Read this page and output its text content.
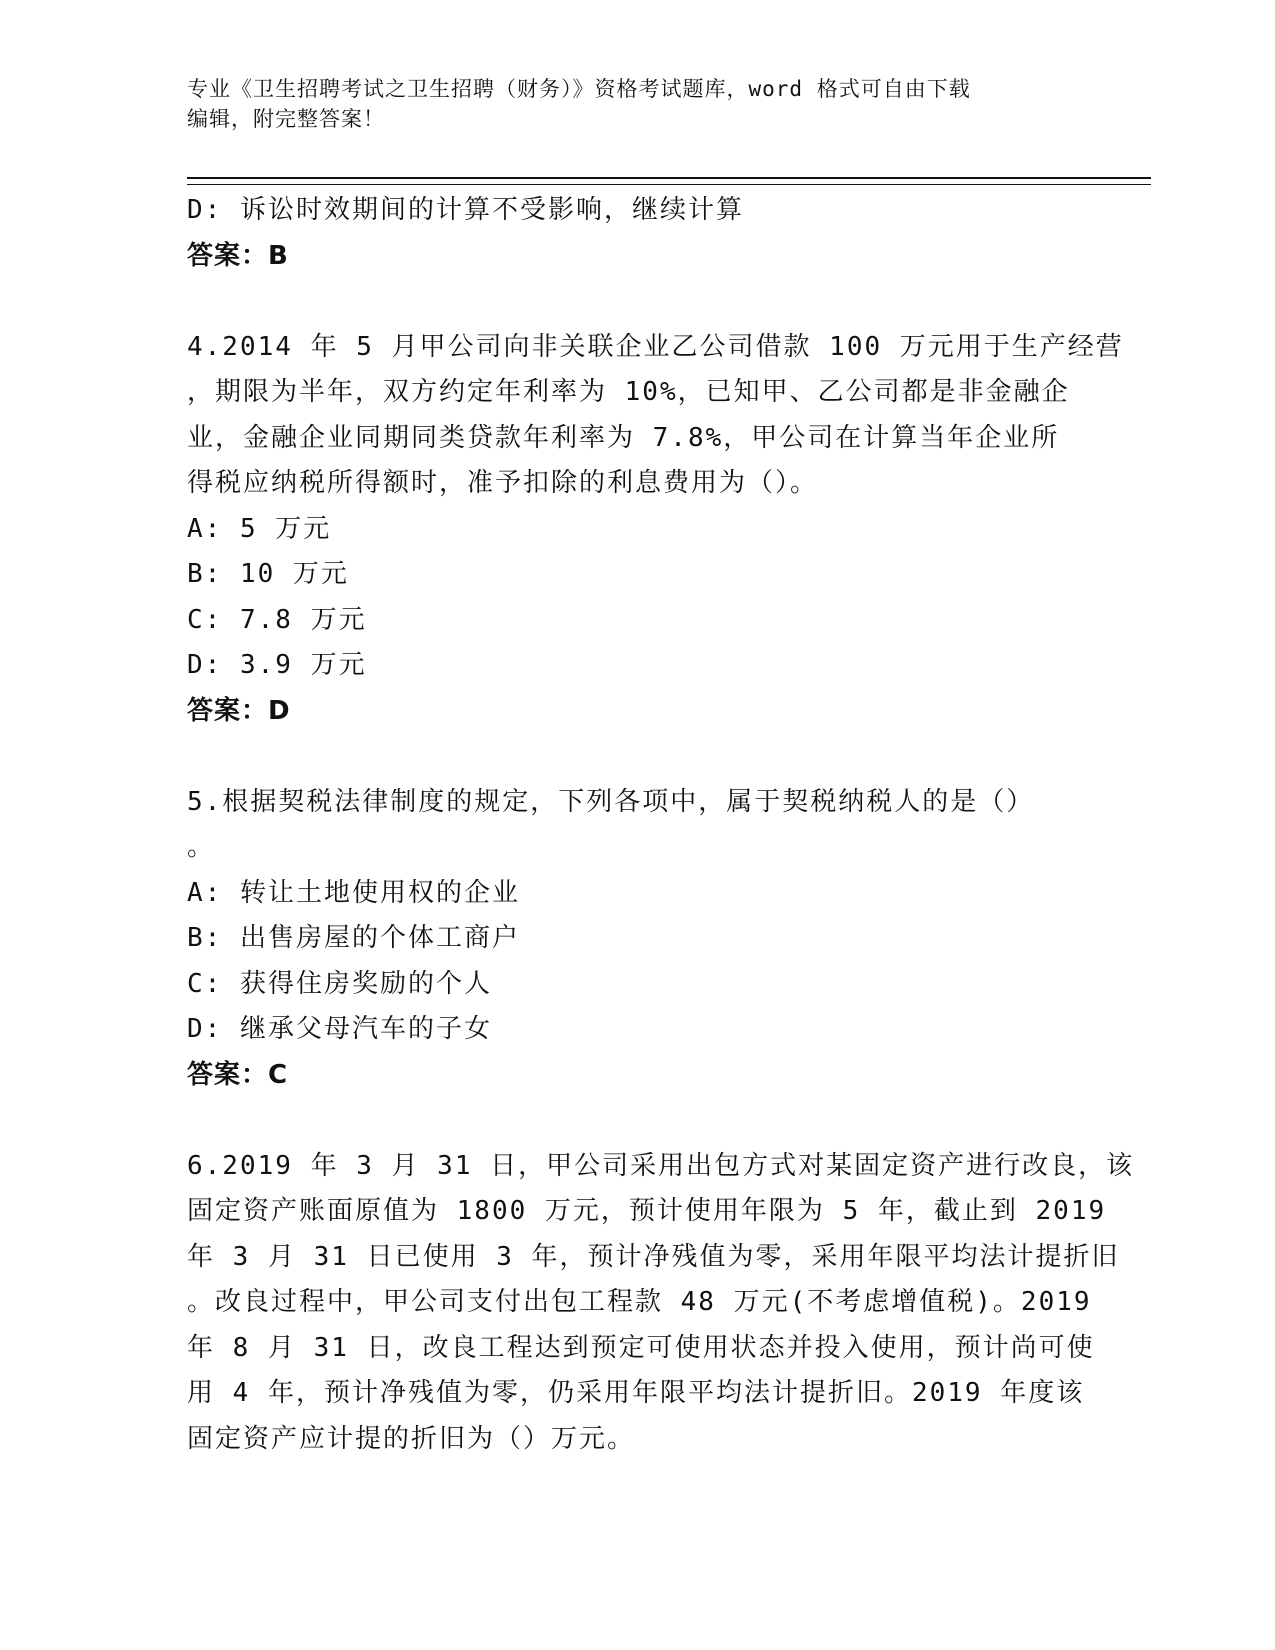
专业《卫生招聘考试之卫生招聘（财务）》资格考试题库，word 格式可自由下载
编辑，附完整答案！
D: 诉讼时效期间的计算不受影响，继续计算
答案：B
4.2014 年 5 月甲公司向非关联企业乙公司借款 100 万元用于生产经营
，期限为半年，双方约定年利率为 10%，已知甲、乙公司都是非金融企
业，金融企业同期同类贷款年利率为 7.8%，甲公司在计算当年企业所
得税应纳税所得额时，准予扣除的利息费用为（）。
A: 5 万元
B: 10 万元
C: 7.8 万元
D: 3.9 万元
答案：D
5.根据契税法律制度的规定，下列各项中，属于契税纳税人的是（）
。
A: 转让土地使用权的企业
B: 出售房屋的个体工商户
C: 获得住房奖励的个人
D: 继承父母汽车的子女
答案：C
6.2019 年 3 月 31 日，甲公司采用出包方式对某固定资产进行改良，该
固定资产账面原值为 1800 万元，预计使用年限为 5 年，截止到 2019
年 3 月 31 日已使用 3 年，预计净残值为零，采用年限平均法计提折旧
。改良过程中，甲公司支付出包工程款 48 万元(不考虑增值税)。2019
年 8 月 31 日，改良工程达到预定可使用状态并投入使用，预计尚可使
用 4 年，预计净残值为零，仍采用年限平均法计提折旧。2019 年度该
固定资产应计提的折旧为（）万元。
